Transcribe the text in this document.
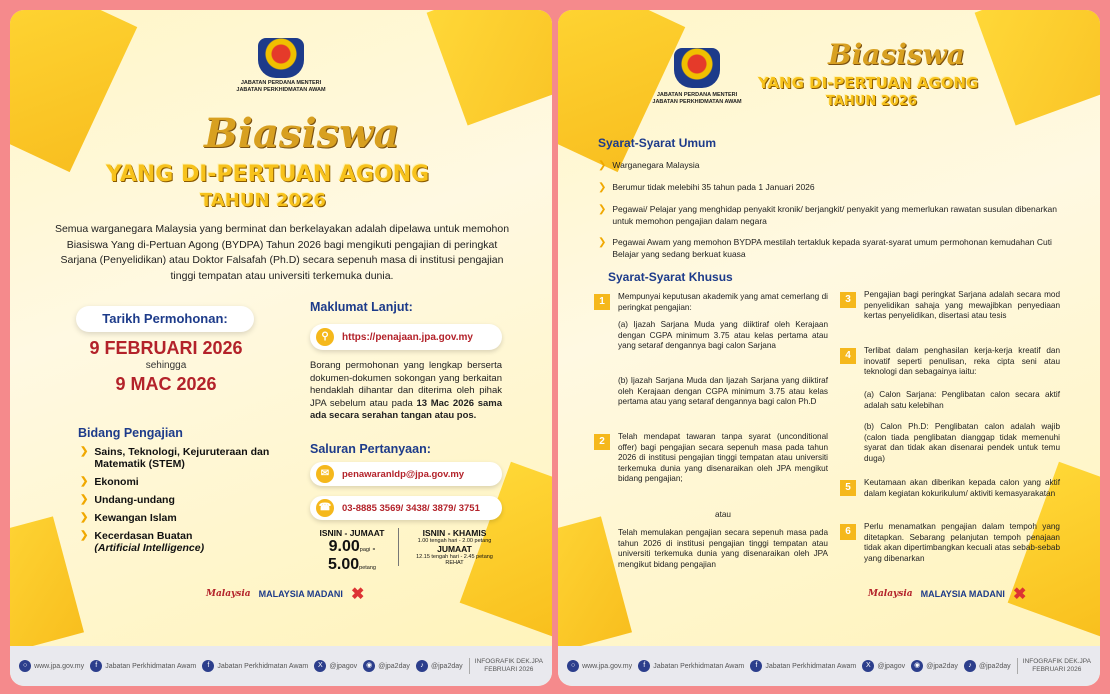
JABATAN PERDANA MENTERI
JABATAN PERKHIDMATAN AWAM
Biasiswa
YANG DI-PERTUAN AGONG
TAHUN 2026
Semua warganegara Malaysia yang berminat dan berkelayakan adalah dipelawa untuk memohon Biasiswa Yang di-Pertuan Agong (BYDPA) Tahun 2026 bagi mengikuti pengajian di peringkat Sarjana (Penyelidikan) atau Doktor Falsafah (Ph.D) secara sepenuh masa di institusi pengajian tinggi tempatan atau universiti terkemuka dunia.
Tarikh Permohonan:
9 FEBRUARI 2026
sehingga
9 MAC 2026
Bidang Pengajian
❯ Sains, Teknologi, Kejuruteraan dan Matematik (STEM)
❯ Ekonomi
❯ Undang-undang
❯ Kewangan Islam
❯ Kecerdasan Buatan
(Artificial Intelligence)
Maklumat Lanjut:
⚲	https://penajaan.jpa.gov.my
Borang permohonan yang lengkap berserta dokumen-dokumen sokongan yang berkaitan hendaklah dihantar dan diterima oleh pihak JPA sebelum atau pada 13 Mac 2026 sama ada secara serahan tangan atau pos.
Saluran Pertanyaan:
✉	penawaranldp@jpa.gov.my
☎ 03-8885 3569/ 3438/ 3879/ 3751
ISNIN - JUMAAT
9.00pagi - 5.00petang
ISNIN - KHAMIS
1.00 tengah hari - 2.00 petang
JUMAAT
12.15 tengah hari - 2.45 petang
REHAT
Malaysia MALAYSIA MADANI ✖
○ www.jpa.gov.my	f	Jabatan Perkhidmatan Awam	f	Jabatan Perkhidmatan Awam	X @jpagov	◉ @jpa2day	♪	@jpa2day
INFOGRAFIK DEK.JPA
FEBRUARI 2026
JABATAN PERDANA MENTERI
JABATAN PERKHIDMATAN AWAM
Biasiswa
YANG DI-PERTUAN AGONG
TAHUN 2026
Syarat-Syarat Umum
❯ Warganegara Malaysia
❯ Berumur tidak melebihi 35 tahun pada 1 Januari 2026
❯ Pegawai/ Pelajar yang menghidap penyakit kronik/ berjangkit/ penyakit yang memerlukan rawatan susulan dibenarkan untuk memohon pengajian dalam negara
❯ Pegawai Awam yang memohon BYDPA mestilah tertakluk kepada syarat-syarat umum permohonan kemudahan Cuti Belajar yang sedang berkuat kuasa
Syarat-Syarat Khusus
1	Mempunyai keputusan akademik yang amat cemerlang di peringkat pengajian:
(a) Ijazah Sarjana Muda yang diiktiraf oleh Kerajaan dengan CGPA minimum 3.75 atau kelas pertama atau yang setaraf dengannya bagi calon Sarjana
(b) Ijazah Sarjana Muda dan Ijazah Sarjana yang diiktiraf oleh Kerajaan dengan CGPA minimum 3.75 atau kelas pertama atau yang setaraf dengannya bagi calon Ph.D
2	Telah mendapat tawaran tanpa syarat (unconditional offer) bagi pengajian secara sepenuh masa pada tahun 2026 di institusi pengajian tinggi tempatan atau universiti terkemuka dunia yang disenaraikan oleh JPA mengikut bidang pengajian;
atau
Telah memulakan pengajian secara sepenuh masa pada tahun 2026 di institusi pengajian tinggi tempatan atau universiti terkemuka dunia yang disenaraikan oleh JPA mengikut bidang pengajian
3	Pengajian bagi peringkat Sarjana adalah secara mod penyelidikan sahaja yang mewajibkan penyediaan kertas penyelidikan, disertasi atau tesis
4	Terlibat dalam penghasilan kerja-kerja kreatif dan inovatif seperti penulisan, reka cipta seni atau teknologi dan sebagainya iaitu:
(a) Calon Sarjana: Penglibatan calon secara aktif adalah satu kelebihan
(b) Calon Ph.D: Penglibatan calon adalah wajib (calon tiada penglibatan dianggap tidak memenuhi syarat dan tidak akan disenarai pendek untuk temu duga)
5	Keutamaan akan diberikan kepada calon yang aktif dalam kegiatan kokurikulum/ aktiviti kemasyarakatan
6	Perlu menamatkan pengajian dalam tempoh yang ditetapkan. Sebarang pelanjutan tempoh penajaan tidak akan dipertimbangkan kecuali atas sebab-sebab yang dibenarkan
Malaysia MALAYSIA MADANI ✖
○ www.jpa.gov.my	f	Jabatan Perkhidmatan Awam	f	Jabatan Perkhidmatan Awam	X @jpagov	◉ @jpa2day	♪	@jpa2day
INFOGRAFIK DEK.JPA
FEBRUARI 2026
